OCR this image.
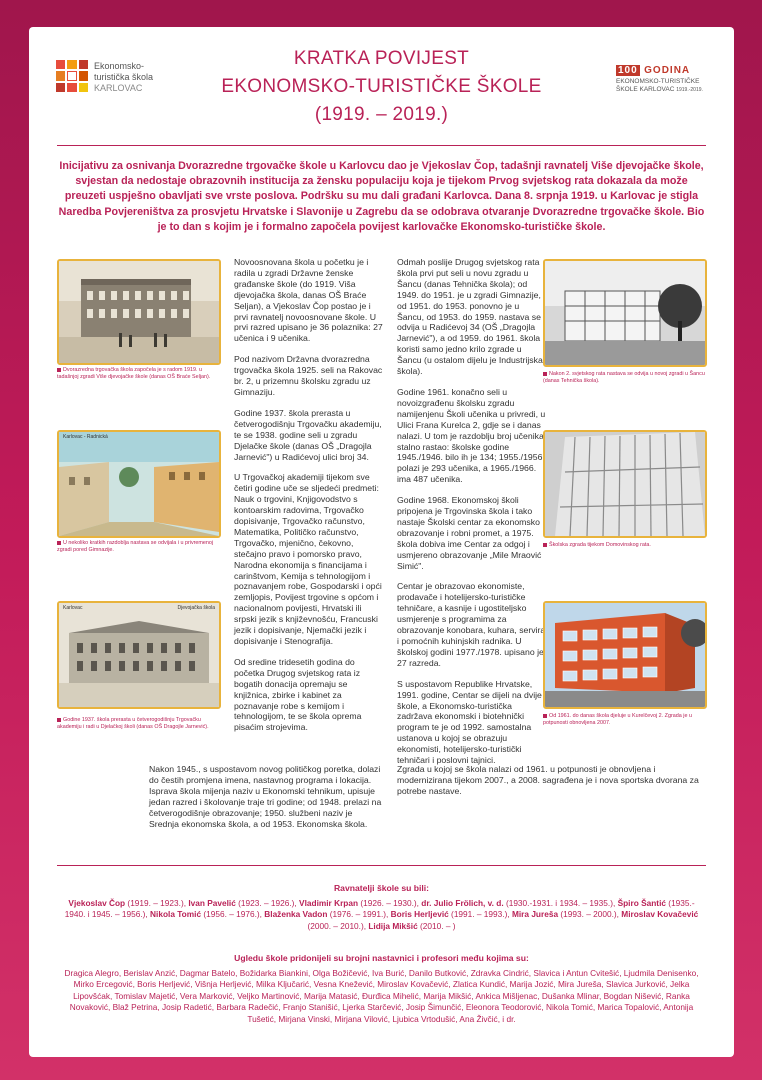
Ekonomsko-
turistička škola
KARLOVAC
KRATKA POVIJEST
EKONOMSKO-TURISTIČKE ŠKOLE
(1919. – 2019.)
100 GODINA
EKONOMSKO-TURISTIČKE
ŠKOLE KARLOVAC 1919.-2019.
Inicijativu za osnivanja Dvorazredne trgovačke škole u Karlovcu dao je Vjekoslav Čop, tadašnji ravnatelj Više djevojačke škole, svjestan da nedostaje obrazovnih institucija za žensku populaciju koja je tijekom Prvog svjetskog rata dokazala da može preuzeti uspješno obavljati sve vrste poslova. Podršku su mu dali građani Karlovca. Dana 8. srpnja 1919. u Karlovac je stigla Naredba Povjereništva za prosvjetu Hrvatske i Slavonije u Zagrebu da se odobrava otvaranje Dvorazredne trgovačke škole. Bio je to dan s kojim je i formalno započela povijest karlovačke Ekonomsko-turističke škole.
Dvorazredna trgovačka škola započela je s radom 1919. u tadašnjoj zgradi Više djevojačke škole (danas OŠ Braće Seljan).
Karlovac - Radnická
U nekoliko kratkih razdoblja nastava se odvijala i u privremenoj zgradi pored Gimnazije.
Karlovac	Djevojačka škola
Godine 1937. škola prerasta u četverogodišnju Trgovačku akademiju i radi u Djelačkoj školi (danas OŠ Dragojle Jarnević).

Novoosnovana škola u početku je i radila u zgradi Državne ženske građanske škole (do 1919. Viša djevojačka škola, danas OŠ Braće Seljan), a Vjekoslav Čop postao je i prvi ravnatelj novoosnovane škole. U prvi razred upisano je 36 polaznika: 27 učenica i 9 učenika.

Pod nazivom Državna dvorazredna trgovačka škola 1925. seli na Rakovac br. 2, u prizemnu školsku zgradu uz Gimnaziju.

Godine 1937. škola prerasta u četverogodišnju Trgovačku akademiju, te se 1938. godine seli u zgradu Djelačke škole (danas OŠ „Dragojla Jarnević") u Radićevoj ulici broj 34.

U Trgovačkoj akademiji tijekom sve četiri godine uče se sljedeći predmeti: Nauk o trgovini, Knjigovodstvo s kontoarskim radovima, Trgovačko dopisivanje, Trgovačko računstvo, Matematika, Političko računstvo, Trgovačko, mjenično, čekovno, stečajno pravo i pomorsko pravo, Narodna ekonomija s financijama i carinštvom, Kemija s tehnologijom i poznavanjem robe, Gospodarski i opći zemljopis, Povijest trgovine s općom i nacionalnom povijesti, Hrvatski ili srpski jezik s književnošću, Francuski jezik i dopisivanje, Njemački jezik i dopisivanje i Stenografija.

Od sredine tridesetih godina do početka Drugog svjetskog rata iz bogatih donacija opremaju se knjižnica, zbirke i kabinet za poznavanje robe s kemijom i tehnologijom, te se škola oprema pisaćim strojevima.

Nakon 1945., s uspostavom novog političkog poretka, dolazi do čestih promjena imena, nastavnog programa i lokacija. Isprava škola mijenja naziv u Ekonomski tehnikum, upisuje jedan razred i školovanje traje tri godine; od 1948. prelazi na četverogodišnje obrazovanje; 1950. službeni naziv je Srednja ekonomska škola, a od 1953. Ekonomska škola.

Odmah poslije Drugog svjetskog rata škola prvi put seli u novu zgradu u Šancu (danas Tehnička škola); od 1949. do 1951. je u zgradi Gimnazije, od 1951. do 1953. ponovno je u Šancu, od 1953. do 1959. nastava se odvija u Radićevoj 34 (OŠ „Dragojla Jarnević"), a od 1959. do 1961. škola koristi samo jedno krilo zgrade u Šancu (u ostalom dijelu je Industrijska škola).

Godine 1961. konačno seli u novoizgrađenu školsku zgradu namijenjenu Školi učenika u privredi, u Ulici Frana Kurelca 2, gdje se i danas nalazi. U tom je razdoblju broj učenika stalno rastao: školske godine 1945./1946. bilo ih je 134; 1955./1956. polazi je 293 učenika, a 1965./1966. ima 487 učenika.

Godine 1968. Ekonomskoj školi pripojena je Trgovinska škola i tako nastaje Školski centar za ekonomsko obrazovanje i robni promet, a 1975. škola dobiva ime Centar za odgoj i usmjereno obrazovanje „Mile Mraović Simić".

Centar je obrazovao ekonomiste, prodavače i hotelijersko-turističke tehničare, a kasnije i ugostiteljsko usmjerenje s programima za obrazovanje konobara, kuhara, servira i pomoćnih kuhinjskih radnika. U školskoj godini 1977./1978. upisano je 27 razreda.

S uspostavom Republike Hrvatske, 1991. godine, Centar se dijeli na dvije škole, a Ekonomsko-turistička zadržava ekonomski i biotehnički program te je od 1992. samostalna ustanova u kojoj se obrazuju ekonomisti, hotelijersko-turistički tehničari i poslovni tajnici.

Zgrada u kojoj se škola nalazi od 1961. u potpunosti je obnovljena i modernizirana tijekom 2007., a 2008. sagrađena je i nova sportska dvorana za potrebe nastave.
Nakon 2. svjetskog rata nastava se odvija u novoj zgradi u Šancu (danas Tehnička škola).
Školska zgrada tijekom Domovinskog rata.
Od 1961. do danas škola djeluje u Kurelčevoj 2. Zgrada je u potpunosti obnovljena 2007.
Ravnatelji škole su bili:
Vjekoslav Čop (1919. – 1923.), Ivan Pavelić (1923. – 1926.), Vladimir Krpan (1926. – 1930.), dr. Julio Frölich, v. d. (1930.-1931. i 1934. – 1935.), Špiro Šantić (1935.- 1940. i 1945. – 1956.), Nikola Tomić (1956. – 1976.), Blaženka Vadon (1976. – 1991.), Boris Herljević (1991. – 1993.), Mira Jureša (1993. – 2000.), Miroslav Kovačević (2000. – 2010.), Lidija Mikšić (2010. – )
Ugledu škole pridonijeli su brojni nastavnici i profesori među kojima su:
Dragica Alegro, Berislav Anzić, Dagmar Batelo, Božidarka Biankini, Olga Božičević, Iva Burić, Danilo Butković, Zdravka Cindrić, Slavica i Antun Cvitešić, Ljudmila Denisenko, Mirko Ercegović, Boris Herljević, Višnja Herljević, Milka Ključarić, Vesna Knežević, Miroslav Kovačević, Zlatica Kundić, Marija Jozić, Mira Jureša, Slavica Jurković, Jelka Lipovšćak, Tomislav Majetić, Vera Marković, Veljko Martinović, Marija Matasić, Đurđica Mihelić, Marija Mikšić, Ankica Mišljenac, Dušanka Mlinar, Bogdan Nišević, Ranka Novaković, Blaž Petrina, Josip Radetić, Barbara Radečić, Franjo Stanišić, Ljerka Starčević, Josip Šimunčić, Eleonora Teodorović, Nikola Tomić, Marica Topalović, Antonija Tušetić, Mirjana Vinski, Mirjana Vilović, Ljubica Vrtodušić, Ana Živčić, i dr.
